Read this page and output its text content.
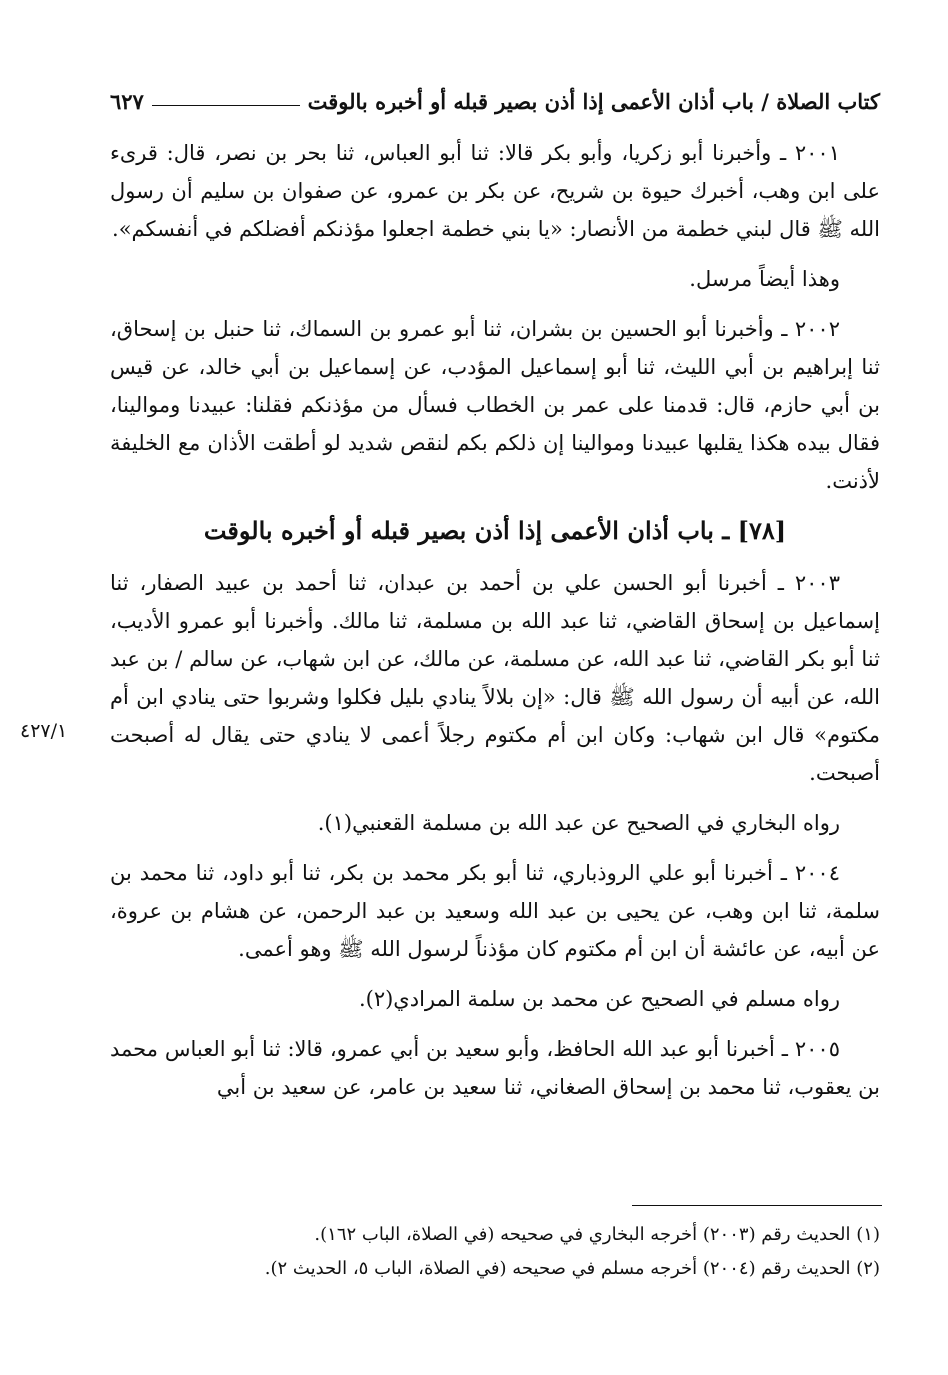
كتاب الصلاة / باب أذان الأعمى إذا أذن بصير قبله أو أخبره بالوقت
٦٢٧

٢٠٠١ ـ وأخبرنا أبو زكريا، وأبو بكر قالا: ثنا أبو العباس، ثنا بحر بن نصر، قال: قرىء على ابن وهب، أخبرك حيوة بن شريح، عن بكر بن عمرو، عن صفوان بن سليم أن رسول الله ﷺ قال لبني خطمة من الأنصار: «يا بني خطمة اجعلوا مؤذنكم أفضلكم في أنفسكم».

وهذا أيضاً مرسل.

٢٠٠٢ ـ وأخبرنا أبو الحسين بن بشران، ثنا أبو عمرو بن السماك، ثنا حنبل بن إسحاق، ثنا إبراهيم بن أبي الليث، ثنا أبو إسماعيل المؤدب، عن إسماعيل بن أبي خالد، عن قيس بن أبي حازم، قال: قدمنا على عمر بن الخطاب فسأل من مؤذنكم فقلنا: عبيدنا وموالينا، فقال بيده هكذا يقلبها عبيدنا وموالينا إن ذلكم بكم لنقص شديد لو أطقت الأذان مع الخليفة لأذنت.

[٧٨] ـ باب أذان الأعمى إذا أذن بصير قبله أو أخبره بالوقت

٢٠٠٣ ـ أخبرنا أبو الحسن علي بن أحمد بن عبدان، ثنا أحمد بن عبيد الصفار، ثنا إسماعيل بن إسحاق القاضي، ثنا عبد الله بن مسلمة، ثنا مالك. وأخبرنا أبو عمرو الأديب، ثنا أبو بكر القاضي، ثنا عبد الله، عن مسلمة، عن مالك، عن ابن شهاب، عن سالم / بن عبد الله، عن أبيه أن رسول الله ﷺ قال: «إن بلالاً ينادي بليل فكلوا وشربوا حتى ينادي ابن أم مكتوم» قال ابن شهاب: وكان ابن أم مكتوم رجلاً أعمى لا ينادي حتى يقال له أصبحت أصبحت.

رواه البخاري في الصحيح عن عبد الله بن مسلمة القعنبي(١).

٢٠٠٤ ـ أخبرنا أبو علي الروذباري، ثنا أبو بكر محمد بن بكر، ثنا أبو داود، ثنا محمد بن سلمة، ثنا ابن وهب، عن يحيى بن عبد الله وسعيد بن عبد الرحمن، عن هشام بن عروة، عن أبيه، عن عائشة أن ابن أم مكتوم كان مؤذناً لرسول الله ﷺ وهو أعمى.

رواه مسلم في الصحيح عن محمد بن سلمة المرادي(٢).

٢٠٠٥ ـ أخبرنا أبو عبد الله الحافظ، وأبو سعيد بن أبي عمرو، قالا: ثنا أبو العباس محمد بن يعقوب، ثنا محمد بن إسحاق الصغاني، ثنا سعيد بن عامر، عن سعيد بن أبي

٤٢٧/١

(١) الحديث رقم (٢٠٠٣) أخرجه البخاري في صحيحه (في الصلاة، الباب ١٦٢).

(٢) الحديث رقم (٢٠٠٤) أخرجه مسلم في صحيحه (في الصلاة، الباب ٥، الحديث ٢).
